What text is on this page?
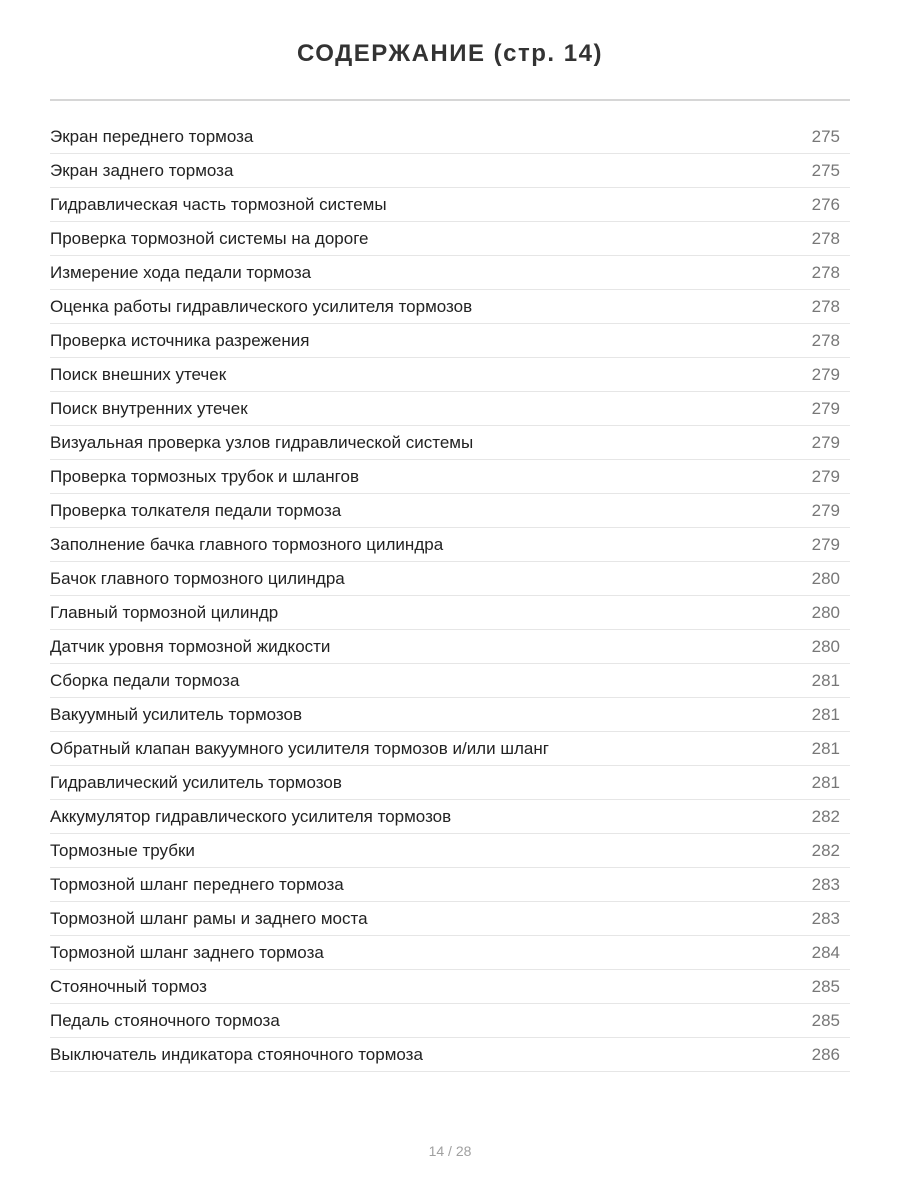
СОДЕРЖАНИЕ (стр. 14)
Экран переднего тормоза	275
Экран заднего тормоза	275
Гидравлическая часть тормозной системы	276
Проверка тормозной системы на дороге	278
Измерение хода педали тормоза	278
Оценка работы гидравлического усилителя тормозов	278
Проверка источника разрежения	278
Поиск внешних утечек	279
Поиск внутренних утечек	279
Визуальная проверка узлов гидравлической системы	279
Проверка тормозных трубок и шлангов	279
Проверка толкателя педали тормоза	279
Заполнение бачка главного тормозного цилиндра	279
Бачок главного тормозного цилиндра	280
Главный тормозной цилиндр	280
Датчик уровня тормозной жидкости	280
Сборка педали тормоза	281
Вакуумный усилитель тормозов	281
Обратный клапан вакуумного усилителя тормозов и/или шланг	281
Гидравлический усилитель тормозов	281
Аккумулятор гидравлического усилителя тормозов	282
Тормозные трубки	282
Тормозной шланг переднего тормоза	283
Тормозной шланг рамы и заднего моста	283
Тормозной шланг заднего тормоза	284
Стояночный тормоз	285
Педаль стояночного тормоза	285
Выключатель индикатора стояночного тормоза	286
14 / 28
